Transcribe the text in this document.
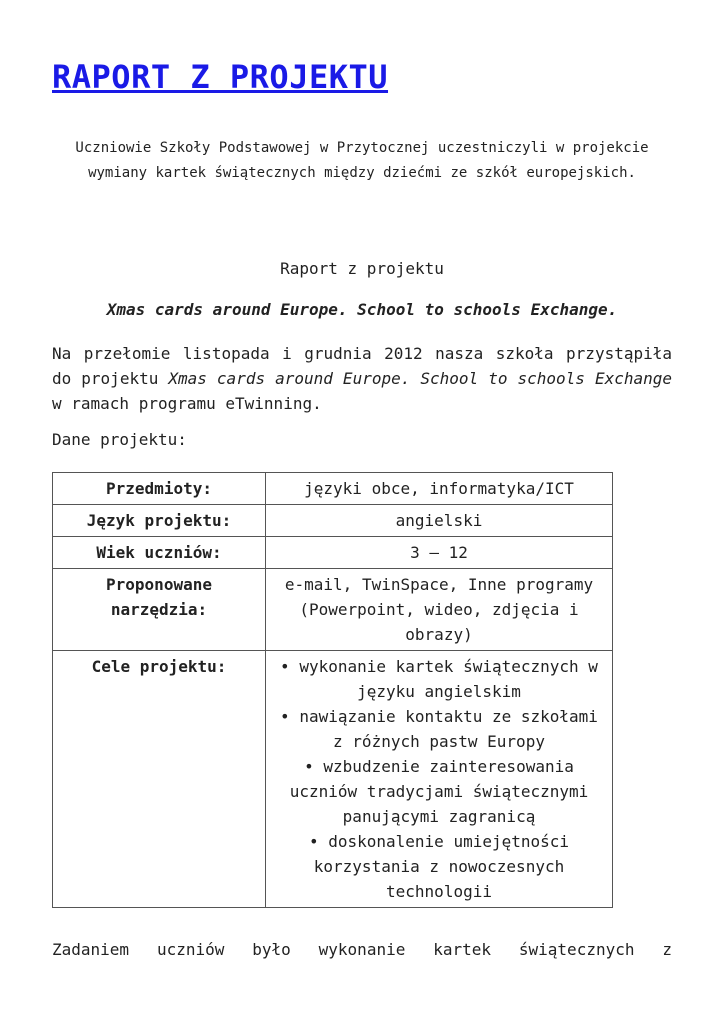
RAPORT Z PROJEKTU

Uczniowie Szkoły Podstawowej w Przytocznej uczestniczyli w projekcie
wymiany kartek świątecznych między dziećmi ze szkół europejskich.

Raport z projektu

Xmas cards around Europe. School to schools Exchange.

Na przełomie listopada i grudnia 2012 nasza szkoła przystąpiła do projektu Xmas cards around Europe. School to schools Exchange w ramach programu eTwinning.

Dane projektu:

Przedmioty:	języki obce, informatyka/ICT
Język projektu:	angielski
Wiek uczniów:	3 – 12
Proponowane narzędzia:	e-mail, TwinSpace, Inne programy (Powerpoint, wideo, zdjęcia i obrazy)
Cele projektu:	• wykonanie kartek świątecznych w języku angielskim
• nawiązanie kontaktu ze szkołami z różnych pastw Europy
• wzbudzenie zainteresowania uczniów tradycjami świątecznymi panującymi zagranicą
• doskonalenie umiejętności korzystania z nowoczesnych technologii

Zadaniem uczniów było wykonanie kartek świątecznych z
